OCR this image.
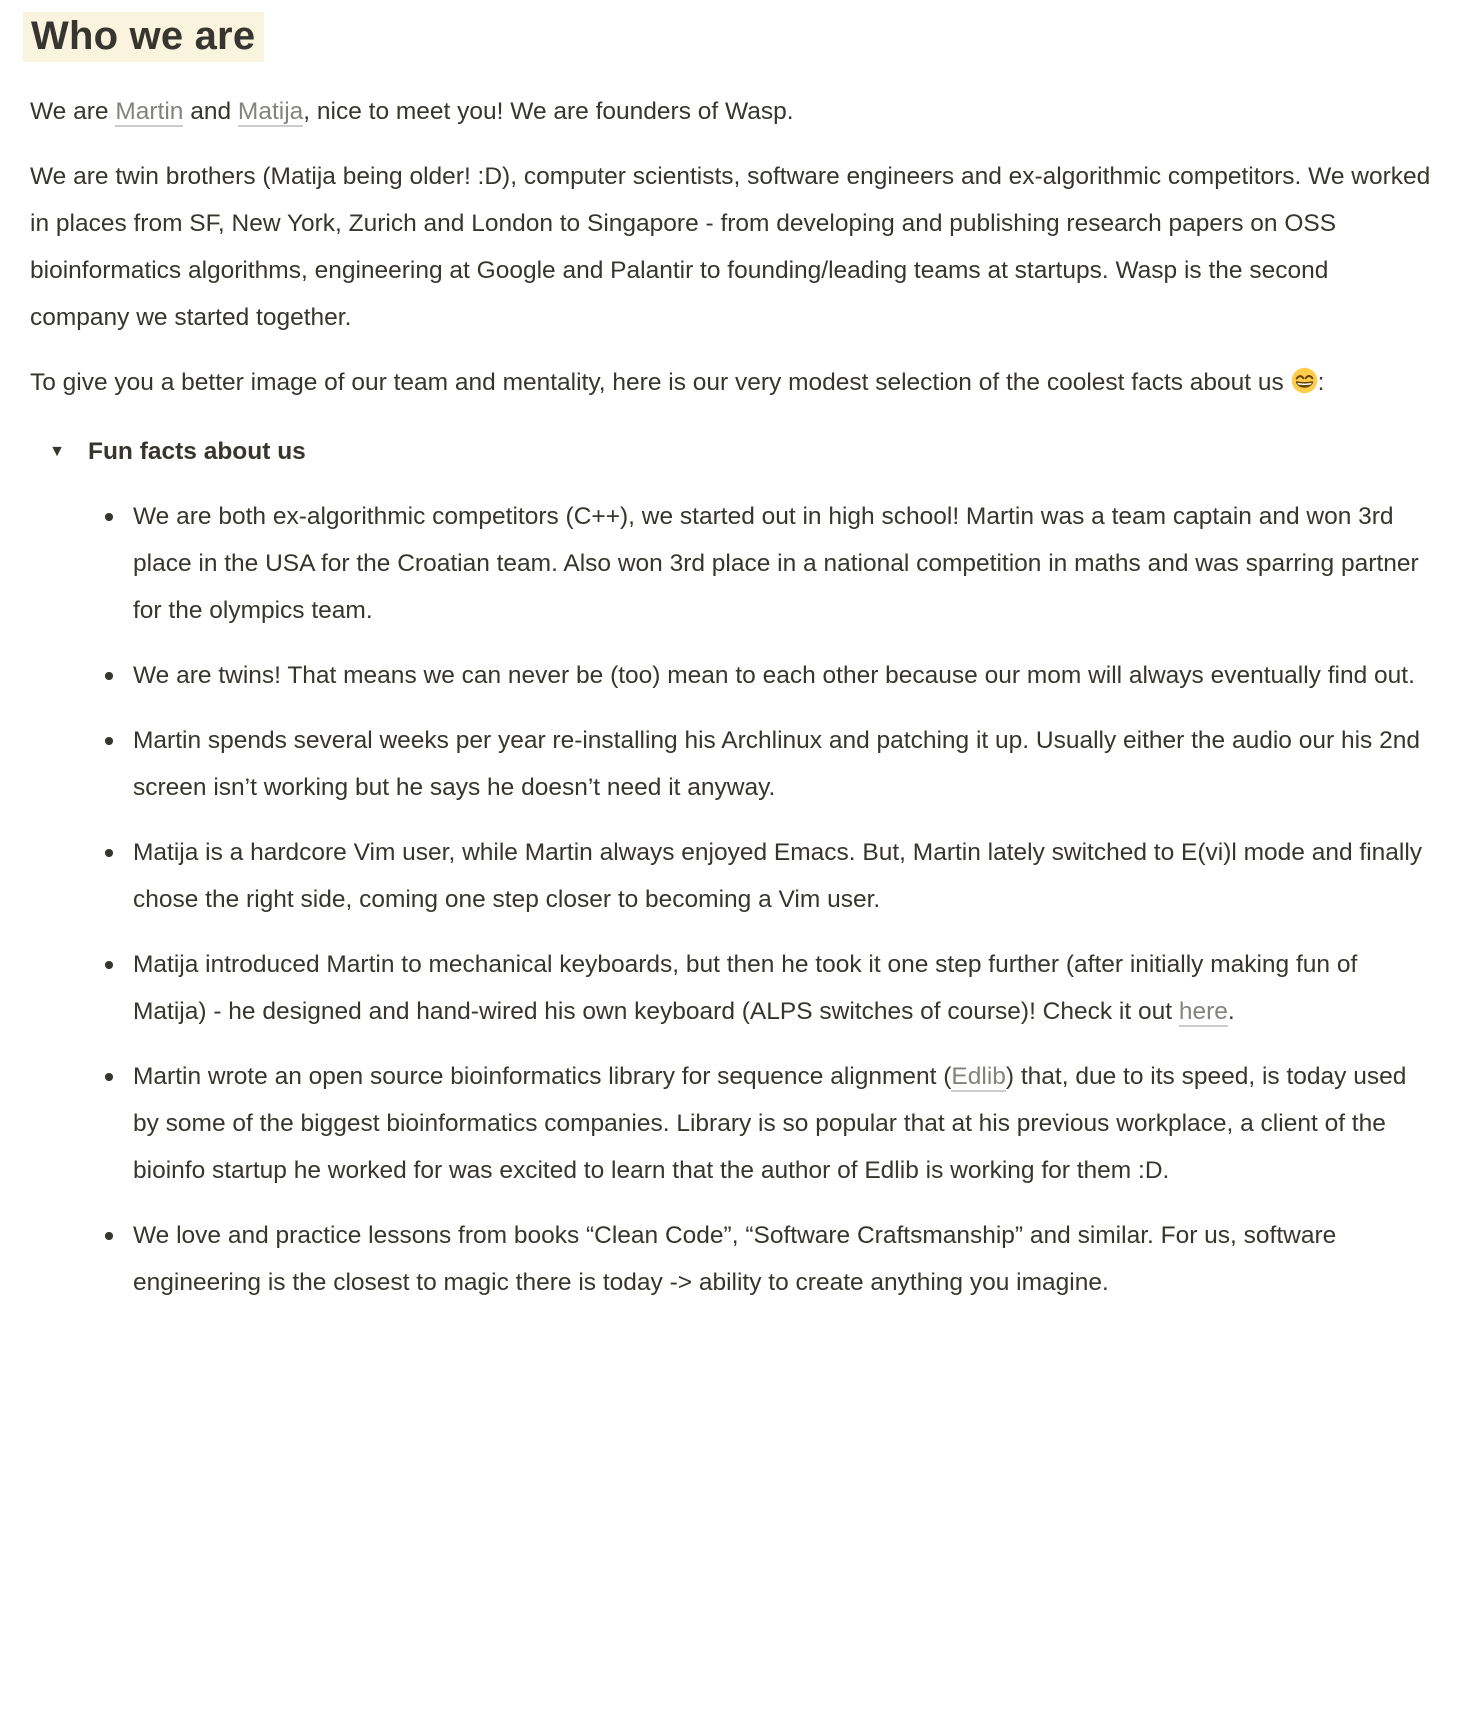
Who we are

We are Martin and Matija, nice to meet you! We are founders of Wasp.

We are twin brothers (Matija being older! :D), computer scientists, software engineers and ex-algorithmic competitors. We worked in places from SF, New York, Zurich and London to Singapore - from developing and publishing research papers on OSS bioinformatics algorithms, engineering at Google and Palantir to founding/leading teams at startups. Wasp is the second company we started together.

To give you a better image of our team and mentality, here is our very modest selection of the coolest facts about us :

▼ Fun facts about us
We are both ex-algorithmic competitors (C++), we started out in high school! Martin was a team captain and won 3rd place in the USA for the Croatian team. Also won 3rd place in a national competition in maths and was sparring partner for the olympics team.
We are twins! That means we can never be (too) mean to each other because our mom will always eventually find out.
Martin spends several weeks per year re-installing his Archlinux and patching it up. Usually either the audio our his 2nd screen isn’t working but he says he doesn’t need it anyway.
Matija is a hardcore Vim user, while Martin always enjoyed Emacs. But, Martin lately switched to E(vi)l mode and finally chose the right side, coming one step closer to becoming a Vim user.
Matija introduced Martin to mechanical keyboards, but then he took it one step further (after initially making fun of Matija) - he designed and hand-wired his own keyboard (ALPS switches of course)! Check it out here.
Martin wrote an open source bioinformatics library for sequence alignment (Edlib) that, due to its speed, is today used by some of the biggest bioinformatics companies. Library is so popular that at his previous workplace, a client of the bioinfo startup he worked for was excited to learn that the author of Edlib is working for them :D.
We love and practice lessons from books “Clean Code”, “Software Craftsmanship” and similar. For us, software engineering is the closest to magic there is today -> ability to create anything you imagine.
